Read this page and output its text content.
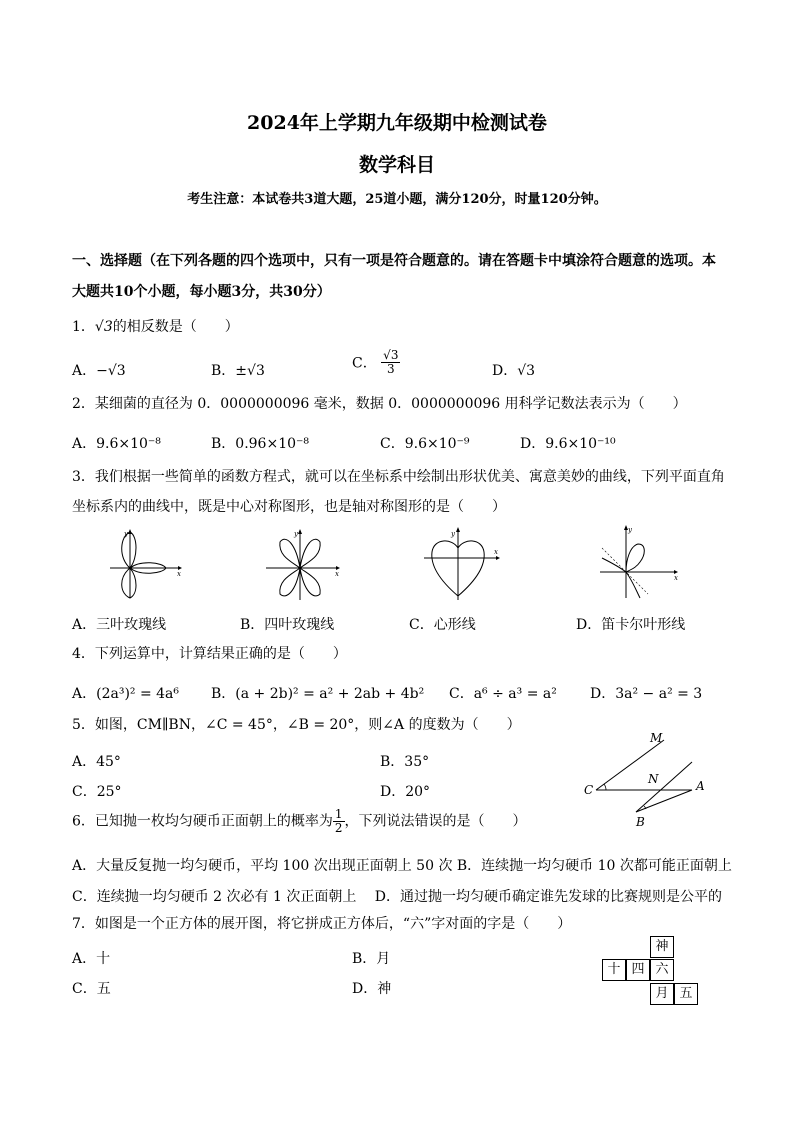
2024年上学期九年级期中检测试卷
数学科目
考生注意：本试卷共3道大题，25道小题，满分120分，时量120分钟。
一、选择题（在下列各题的四个选项中，只有一项是符合题意的。请在答题卡中填涂符合题意的选项。本
大题共10个小题，每小题3分，共30分）
1．√3的相反数是（　　）
A．−√3	B．±√3	C． $\frac{√3}{3}$	D．√3
2．某细菌的直径为 0．0000000096 毫米，数据 0．0000000096 用科学记数法表示为（　　）
A．9.6×10⁻⁸	B．0.96×10⁻⁸	C．9.6×10⁻⁹	D．9.6×10⁻¹⁰
3．我们根据一些简单的函数方程式，就可以在坐标系中绘制出形状优美、寓意美妙的曲线，下列平面直角
坐标系内的曲线中，既是中心对称图形，也是轴对称图形的是（　　）
y
x
y
x
y
x
y
x
A．三叶玫瑰线	B．四叶玫瑰线	C．心形线	D．笛卡尔叶形线
4．下列运算中，计算结果正确的是（　　）
A．(2a³)² = 4a⁶ B．(a + 2b)² = a² + 2ab + 4b² C．a⁶ ÷ a³ = a² D．3a² − a² = 3
5．如图，CM∥BN，∠C = 45°，∠B = 20°，则∠A 的度数为（　　）
A．45°	B．35°
C．25°	D．20°
M
N
C	A
B
6．已知抛一枚均匀硬币正面朝上的概率为 $\frac{1}{2}$ ，下列说法错误的是（　　）
A．大量反复抛一均匀硬币，平均 100 次出现正面朝上 50 次 B．连续抛一均匀硬币 10 次都可能正面朝上
C．连续抛一均匀硬币 2 次必有 1 次正面朝上　 D．通过抛一均匀硬币确定谁先发球的比赛规则是公平的
7．如图是一个正方体的展开图，将它拼成正方体后，“六”字对面的字是（　　）
A．十	B．月
C．五	D．神
神
十 四 六
月 五
